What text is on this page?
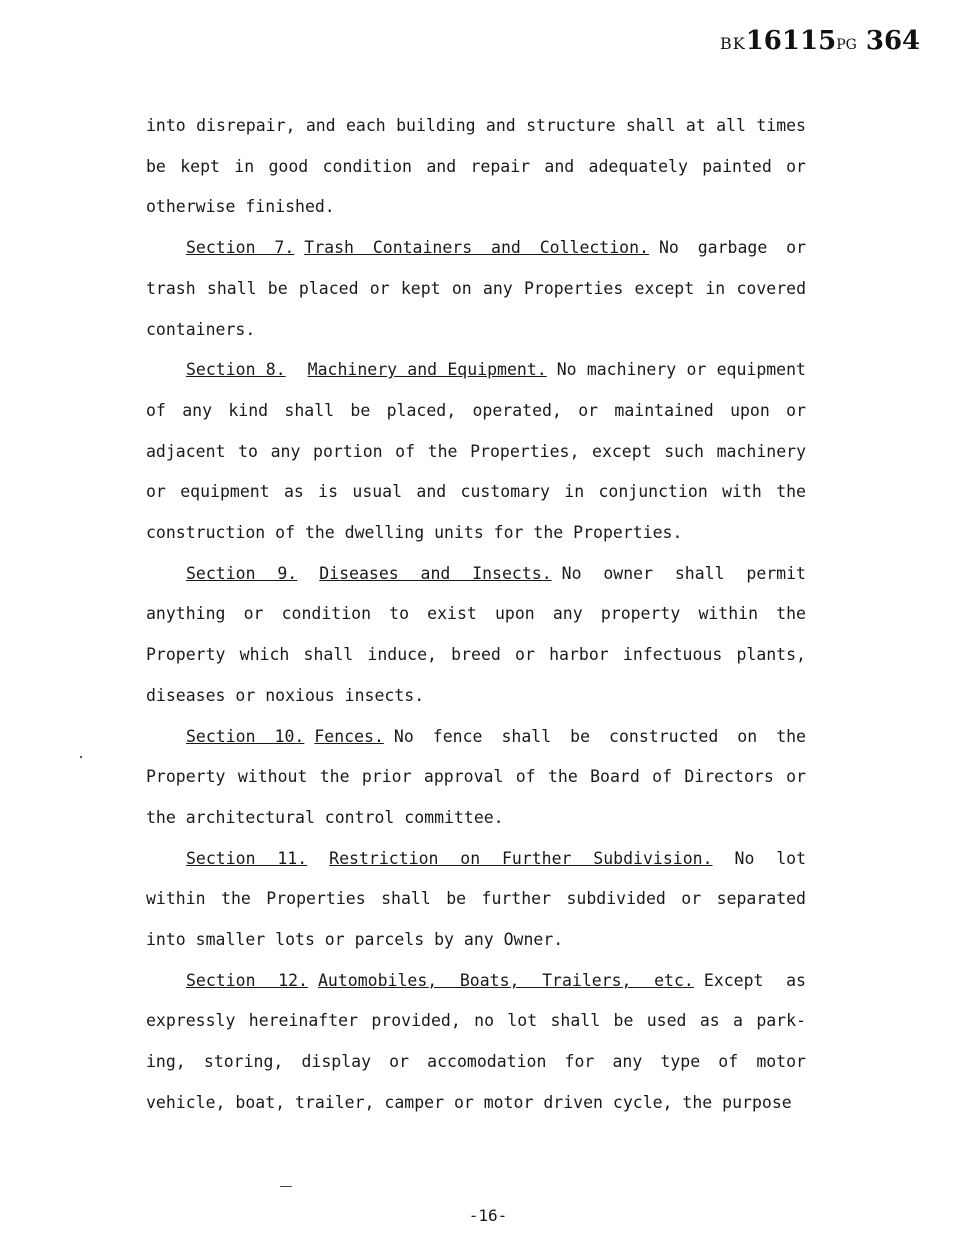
BK16115PG 364

into disrepair, and each building and structure shall at all times be kept in good condition and repair and adequately painted or otherwise finished.

Section 7. Trash Containers and Collection. No garbage or trash shall be placed or kept on any Properties except in covered containers.

Section 8. Machinery and Equipment. No machinery or equipment of any kind shall be placed, operated, or maintained upon or adjacent to any portion of the Properties, except such machinery or equipment as is usual and customary in conjunction with the construction of the dwelling units for the Properties.

Section 9. Diseases and Insects. No owner shall permit anything or condition to exist upon any property within the Property which shall induce, breed or harbor infectuous plants, diseases or noxious insects.

Section 10. Fences. No fence shall be constructed on the Property without the prior approval of the Board of Directors or the architectural control committee.

Section 11. Restriction on Further Subdivision. No lot within the Properties shall be further subdivided or separated into smaller lots or parcels by any Owner.

Section 12. Automobiles, Boats, Trailers, etc. Except as expressly hereinafter provided, no lot shall be used as a park-ing, storing, display or accomodation for any type of motor vehicle, boat, trailer, camper or motor driven cycle, the purpose

-16-
